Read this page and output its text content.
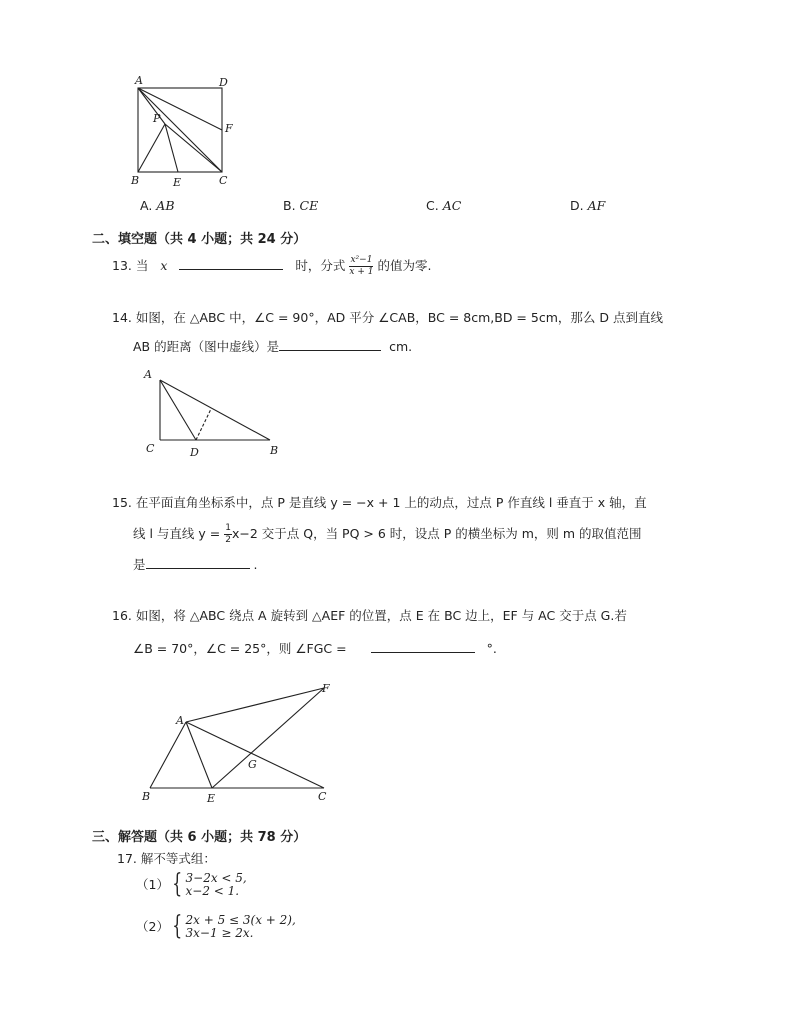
A	D
P
F
B	E	C
A. AB	B. CE	C. AC	D. AF
二、填空题（共 4 小题；共 24 分）
13. 当 x	时，分式 $\frac{\text{x²−1}}{x + 1}$ 的值为零.
14. 如图，在 △ABC 中，∠C = 90°，AD 平分 ∠CAB，BC = 8cm,BD = 5cm，那么 D 点到直线
AB 的距离（图中虚线）是	cm.
A
C	D	B
15. 在平面直角坐标系中，点 P 是直线 y = −x + 1 上的动点，过点 P 作直线 l 垂直于 x 轴，直
线 l 与直线 $y = \frac{1}{2} x-2$ 交于点 Q，当 PQ > 6 时，设点 P 的横坐标为 m，则 m 的取值范围
是	.
16. 如图，将 △ABC 绕点 A 旋转到 △AEF 的位置，点 E 在 BC 边上，EF 与 AC 交于点 G.若
∠B = 70°，∠C = 25°，则 ∠FGC =	°.
F
A
G
B	E	C
三、解答题（共 6 小题；共 78 分）
17. 解不等式组：
（1） { 3−2x < 5,
x−2 < 1.
（2） { 2x + 5 ≤ 3(x + 2),
3x−1 ≥ 2x.
